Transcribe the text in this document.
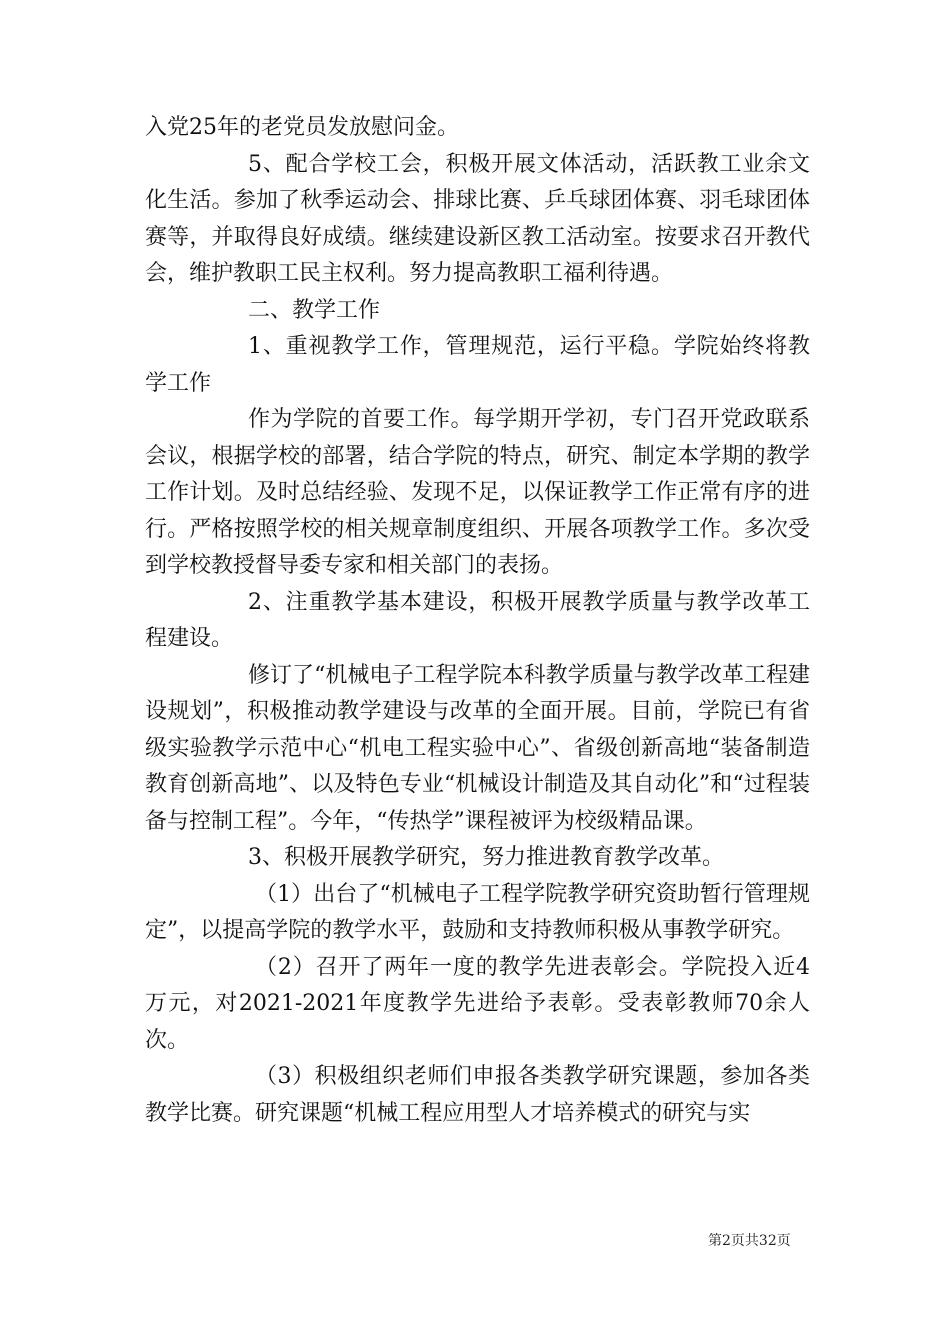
入党25年的老党员发放慰问金。

5、配合学校工会，积极开展文体活动，活跃教工业余文化生活。参加了秋季运动会、排球比赛、乒乓球团体赛、羽毛球团体赛等，并取得良好成绩。继续建设新区教工活动室。按要求召开教代会，维护教职工民主权利。努力提高教职工福利待遇。

二、教学工作

1、重视教学工作，管理规范，运行平稳。学院始终将教学工作

作为学院的首要工作。每学期开学初，专门召开党政联系会议，根据学校的部署，结合学院的特点，研究、制定本学期的教学工作计划。及时总结经验、发现不足，以保证教学工作正常有序的进行。严格按照学校的相关规章制度组织、开展各项教学工作。多次受到学校教授督导委专家和相关部门的表扬。

2、注重教学基本建设，积极开展教学质量与教学改革工程建设。

修订了“机械电子工程学院本科教学质量与教学改革工程建设规划”，积极推动教学建设与改革的全面开展。目前，学院已有省级实验教学示范中心“机电工程实验中心”、省级创新高地“装备制造教育创新高地”、以及特色专业“机械设计制造及其自动化”和“过程装备与控制工程”。今年，“传热学”课程被评为校级精品课。

3、积极开展教学研究，努力推进教育教学改革。

（1）出台了“机械电子工程学院教学研究资助暂行管理规定”，以提高学院的教学水平，鼓励和支持教师积极从事教学研究。

（2）召开了两年一度的教学先进表彰会。学院投入近4万元，对2021-2021年度教学先进给予表彰。受表彰教师70余人次。

（3）积极组织老师们申报各类教学研究课题，参加各类教学比赛。研究课题“机械工程应用型人才培养模式的研究与实

第2页共32页
